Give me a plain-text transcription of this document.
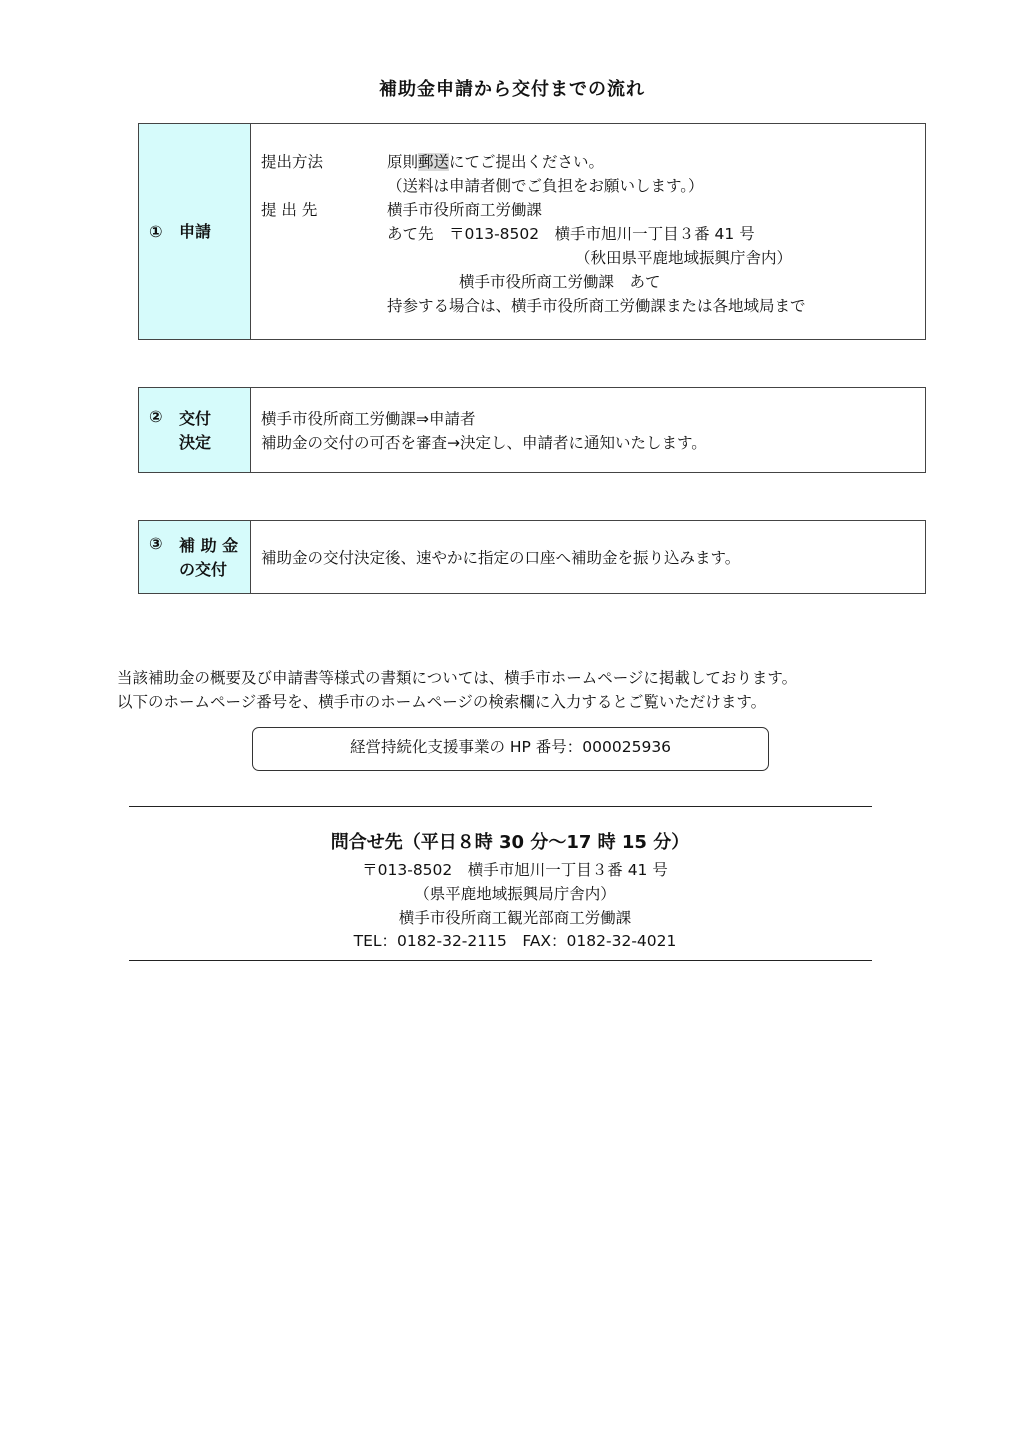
補助金申請から交付までの流れ
① 申請
提出方法	原則郵送にてご提出ください。
（送料は申請者側でご負担をお願いします。）
提 出 先	横手市役所商工労働課
あて先　〒013-8502　横手市旭川一丁目３番 41 号
（秋田県平鹿地域振興庁舎内）
横手市役所商工労働課　あて
持参する場合は、横手市役所商工労働課または各地域局まで
② 交付
決定
横手市役所商工労働課⇒申請者
補助金の交付の可否を審査→決定し、申請者に通知いたします。
③ 補 助 金
の交付
補助金の交付決定後、速やかに指定の口座へ補助金を振り込みます。
当該補助金の概要及び申請書等様式の書類については、横手市ホームページに掲載しております。
以下のホームページ番号を、横手市のホームページの検索欄に入力するとご覧いただけます。
経営持続化支援事業の HP 番号：000025936
問合せ先（平日８時 30 分～17 時 15 分）
〒013-8502　横手市旭川一丁目３番 41 号
（県平鹿地域振興局庁舎内）
横手市役所商工観光部商工労働課
TEL：0182-32-2115　FAX：0182-32-4021
